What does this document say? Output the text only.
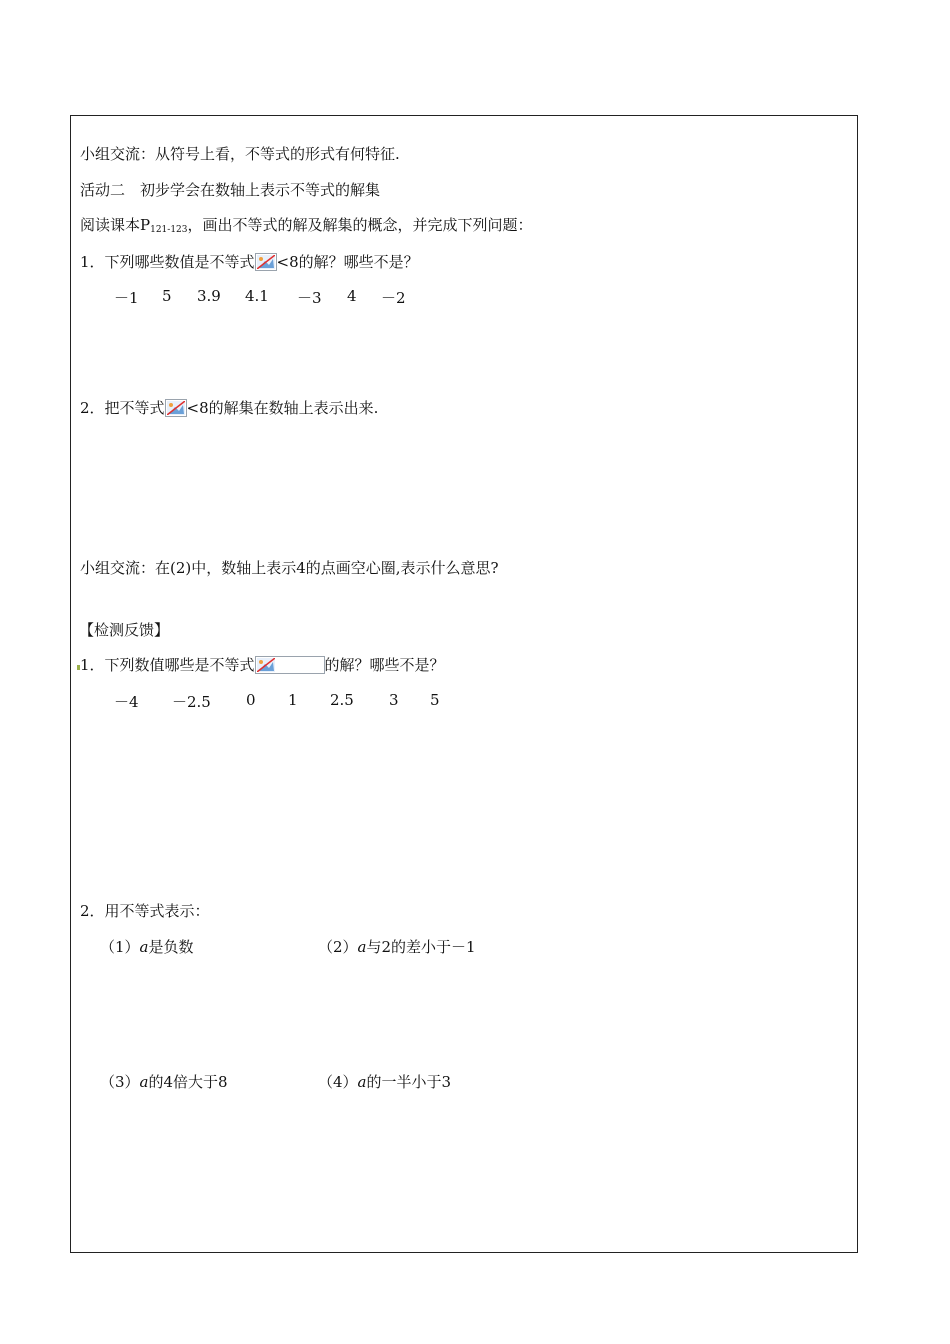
小组交流：从符号上看，不等式的形式有何特征.
活动二　初步学会在数轴上表示不等式的解集
阅读课本$P_{121-123}$，画出不等式的解及解集的概念，并完成下列问题：
1．下列哪些数值是不等式 <8的解？哪些不是？
－1 5 3.9 4.1 －3 4 －2
2．把不等式 <8的解集在数轴上表示出来.
小组交流：在(2)中，数轴上表示4的点画空心圈,表示什么意思?
【检测反馈】
1．下列数值哪些是不等式	的解？哪些不是？
－4 －2.5 0 1 2.5 3 5
2．用不等式表示：
（1）a是负数	（2）a与2的差小于－1
（3）a的4倍大于8	（4）a的一半小于3
